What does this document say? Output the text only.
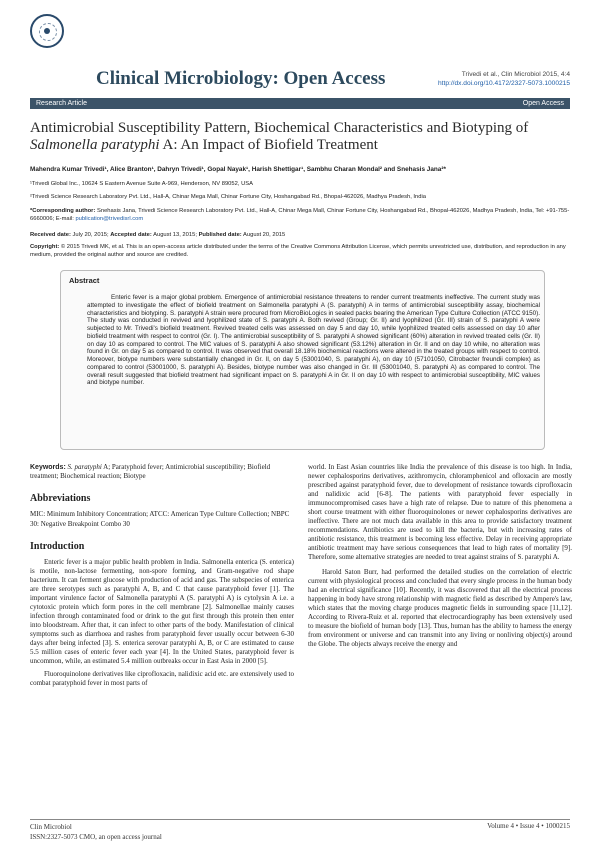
Clinical Microbiology: Open Access	Trivedi et al., Clin Microbiol 2015, 4:4
http://dx.doi.org/10.4172/2327-5073.1000215
Research Article	Open Access
Antimicrobial Susceptibility Pattern, Biochemical Characteristics and Biotyping of Salmonella paratyphi A: An Impact of Biofield Treatment
Mahendra Kumar Trivedi¹, Alice Branton¹, Dahryn Trivedi¹, Gopal Nayak¹, Harish Shettigar¹, Sambhu Charan Mondal² and Snehasis Jana²*
¹Trivedi Global Inc., 10624 S Eastern Avenue Suite A-969, Henderson, NV 89052, USA
²Trivedi Science Research Laboratory Pvt. Ltd., Hall-A, Chinar Mega Mall, Chinar Fortune City, Hoshangabad Rd., Bhopal-462026, Madhya Pradesh, India
*Corresponding author: Snehasis Jana, Trivedi Science Research Laboratory Pvt. Ltd., Hall-A, Chinar Mega Mall, Chinar Fortune City, Hoshangabad Rd., Bhopal-462026, Madhya Pradesh, India, Tel: +91-755-6660006; E-mail: publication@trivedisrl.com
Received date: July 20, 2015; Accepted date: August 13, 2015; Published date: August 20, 2015
Copyright: © 2015 Trivedi MK, et al. This is an open-access article distributed under the terms of the Creative Commons Attribution License, which permits unrestricted use, distribution, and reproduction in any medium, provided the original author and source are credited.
Abstract
Enteric fever is a major global problem. Emergence of antimicrobial resistance threatens to render current treatments ineffective. The current study was attempted to investigate the effect of biofield treatment on Salmonella paratyphi A (S. paratyphi) A in terms of antimicrobial susceptibility assay, biochemical characteristics and biotyping. S. paratyphi A strain were procured from MicroBioLogics in sealed packs bearing the American Type Culture Collection (ATCC 9150). The study was conducted in revived and lyophilized state of S. paratyphi A. Both revived (Group; Gr. II) and lyophilized (Gr. III) strain of S. paratyphi A were subjected to Mr. Trivedi's biofield treatment. Revived treated cells was assessed on day 5 and day 10, while lyophilized treated cells assessed on day 10 after biofield treatment with respect to control (Gr. I). The antimicrobial susceptibility of S. paratyphi A showed significant (60%) alteration in revived treated cells (Gr. II) on day 10 as compared to control. The MIC values of S. paratyphi A also showed significant (53.12%) alteration in Gr. II and on day 10 while, no alteration was found in Gr. on day 5 as compared to control. It was observed that overall 18.18% biochemical reactions were altered in the treated groups with respect to control. Moreover, biotype numbers were substantially changed in Gr. II, on day 5 (53001040, S. paratyphi A), on day 10 (57101050, Citrobacter freundii complex) as compared to control (53001000, S. paratyphi A). Besides, biotype number was also changed in Gr. III (53001040, S. paratyphi A) as compared to control. The overall result suggested that biofield treatment had significant impact on S. paratyphi A in Gr. II on day 10 with respect to antimicrobial susceptibility, MIC values and biotype number.
Keywords: S. paratyphi A; Paratyphoid fever; Antimicrobial susceptibility; Biofield treatment; Biochemical reaction; Biotype
Abbreviations
MIC: Minimum Inhibitory Concentration; ATCC: American Type Culture Collection; NBPC 30: Negative Breakpoint Combo 30
Introduction

Enteric fever is a major public health problem in India. Salmonella enterica (S. enterica) is motile, non-lactose fermenting, non-spore forming, and Gram-negative rod shape bacterium. It can ferment glucose with production of acid and gas. The subspecies of enterica are three serotypes such as paratyphi A, B, and C that cause paratyphoid fever [1]. The important virulence factor of Salmonella paratyphi A (S. paratyphi A) is cytolysin A i.e. a cytotoxic protein which form pores in the cell membrane [2]. Salmonellae mainly causes infection through contaminated food or drink to the gut first through this protein then enter into bloodstream. After that, it can infect to other parts of the body. Manifestation of clinical symptoms such as diarrhoea and rashes from paratyphoid fever usually occur between 6-30 days after being infected [3]. S. enterica serovar paratyphi A, B, or C are estimated to cause 5.5 million cases of enteric fever each year [4]. In the United States, paratyphoid fever is uncommon, while, an estimated 5.4 million outbreaks occur in East Asia in 2000 [5].

Fluoroquinolone derivatives like ciprofloxacin, nalidixic acid etc. are extensively used to combat paratyphoid fever in most parts of

world. In East Asian countries like India the prevalence of this disease is too high. In India, newer cephalosporins derivatives, azithromycin, chloramphenicol and ofloxacin are mostly prescribed against paratyphoid fever, due to development of resistance towards ciprofloxacin and nalidixic acid [6-8]. The patients with paratyphoid fever especially in immunocompromised cases have a high rate of relapse. Due to nature of this phenomena a short course treatment with either fluoroquinolones or newer cephalosporins derivatives are ineffective. There are not much data available in this area to provide satisfactory treatment recommendations. Antibiotics are used to kill the bacteria, but with increasing rates of antibiotic resistance, this treatment is becoming less effective. Delay in receiving appropriate antibiotic treatment may have serious consequences that lead to high rates of mortality [9]. Therefore, some alternative strategies are needed to treat against strains of S. paratyphi A.

Harold Saton Burr, had performed the detailed studies on the correlation of electric current with physiological process and concluded that every single process in the human body had an electrical significance [10]. Recently, it was discovered that all the electrical process happening in body have strong relationship with magnetic field as described by Ampere's law, which states that the moving charge produces magnetic fields in surrounding space [11,12]. According to Rivera-Ruiz et al. reported that electrocardiography has been extensively used to measure the biofield of human body [13]. Thus, human has the ability to harness the energy from environment or universe and can transmit into any living or nonliving object(s) around the Globe. The objects always receive the energy and

Clin Microbiol
ISSN:2327-5073 CMO, an open access journal
Volume 4 • Issue 4 • 1000215
